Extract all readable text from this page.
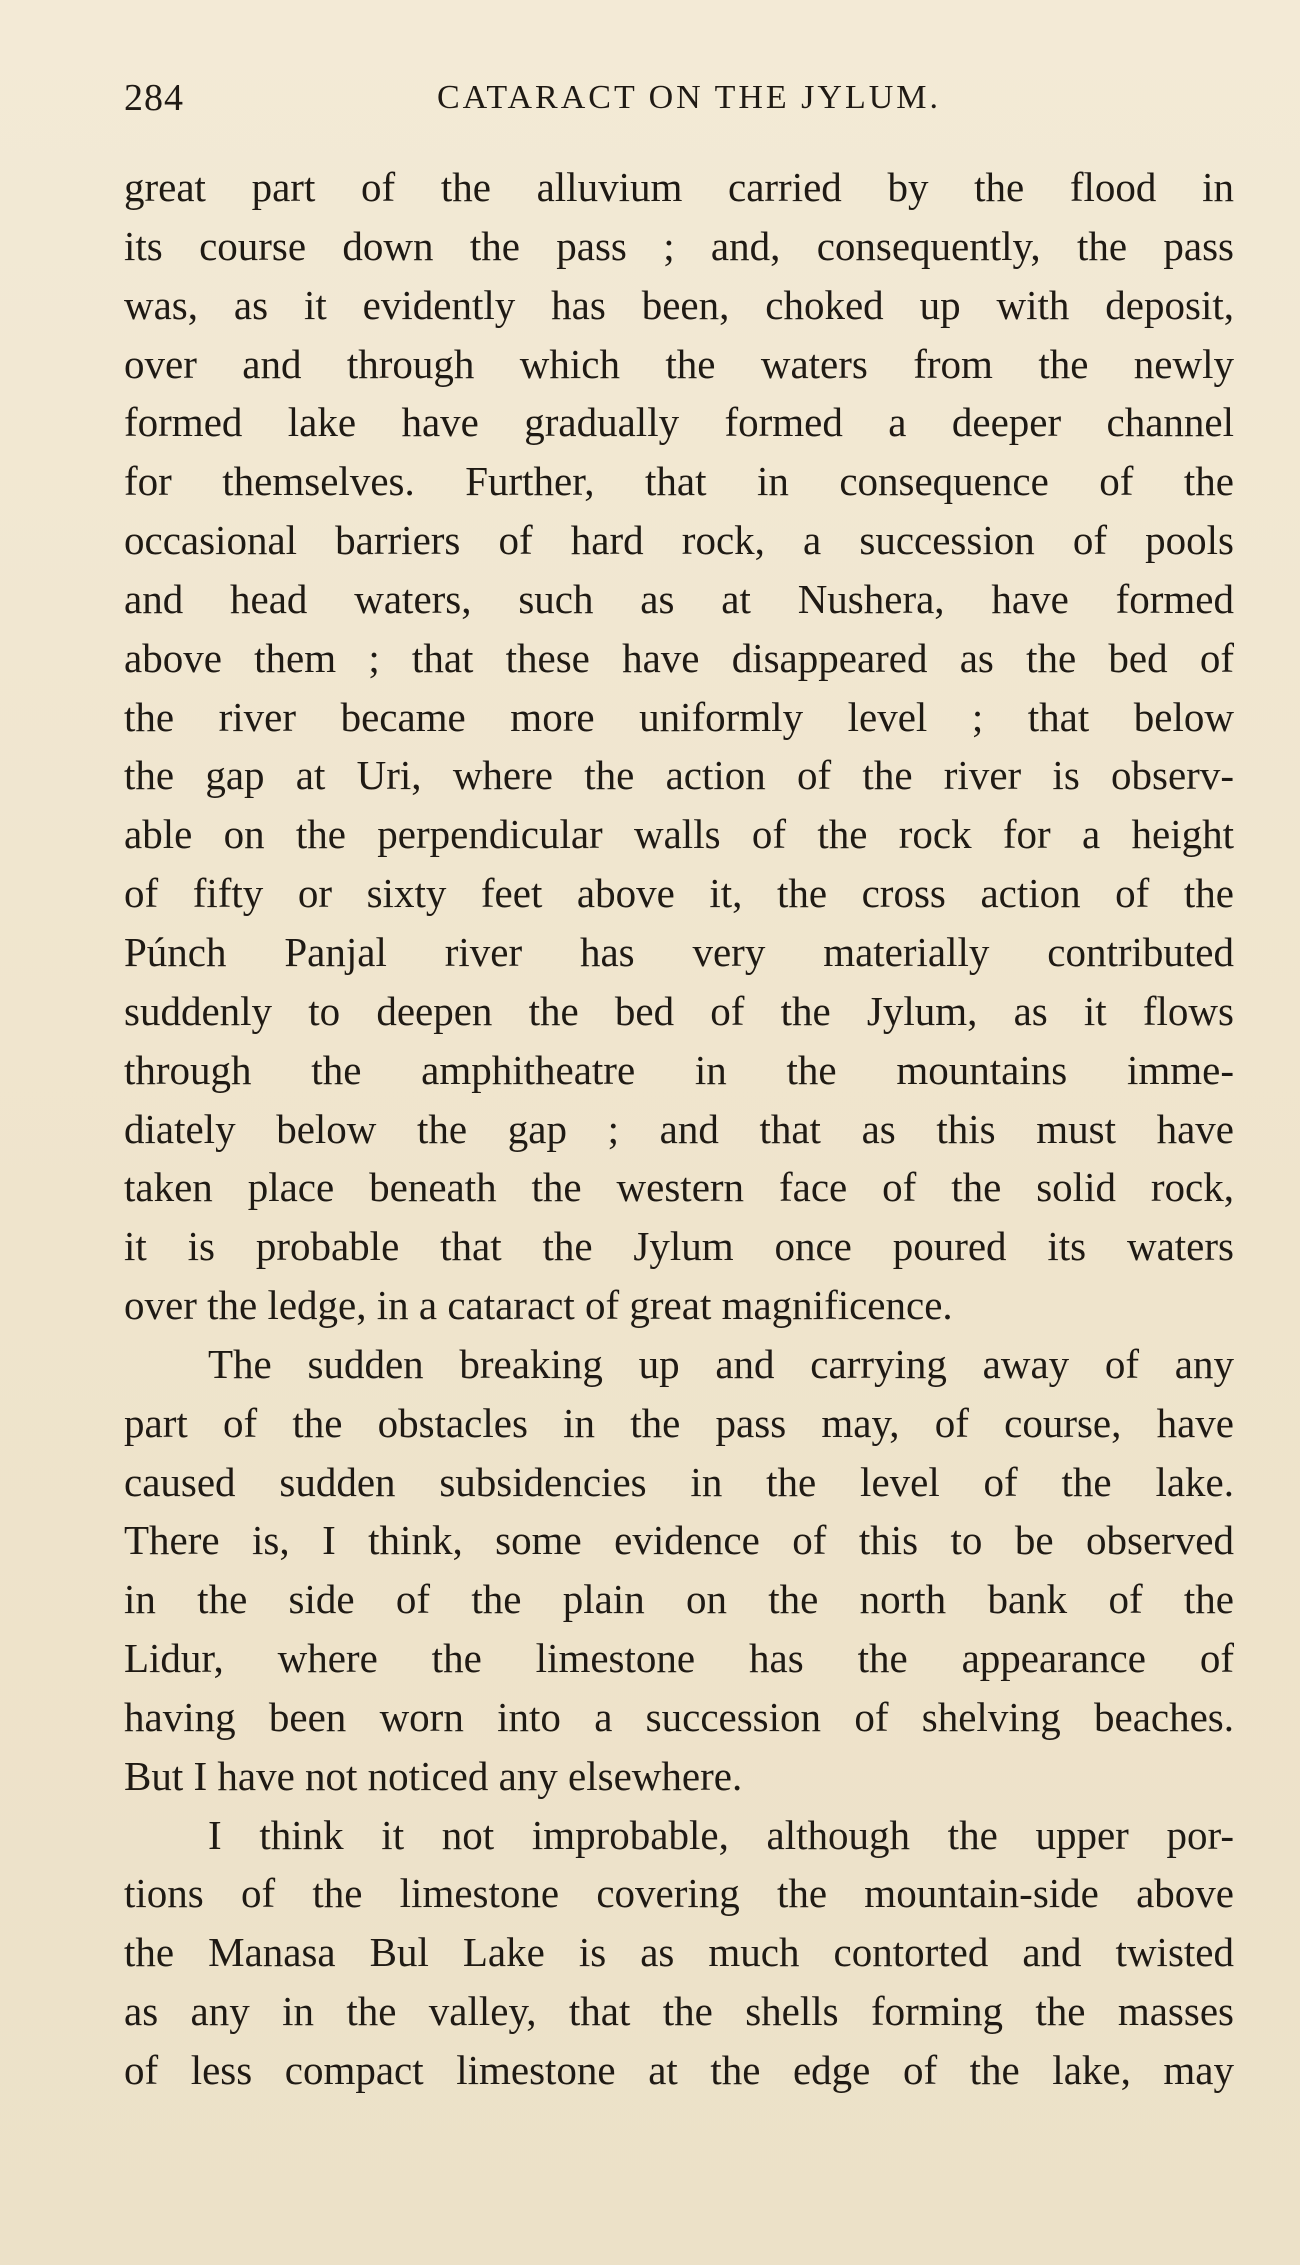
284	CATARACT ON THE JYLUM.
great part of the alluvium carried by the flood in
its course down the pass ; and, consequently, the pass
was, as it evidently has been, choked up with deposit,
over and through which the waters from the newly
formed lake have gradually formed a deeper channel
for themselves. Further, that in consequence of the
occasional barriers of hard rock, a succession of pools
and head waters, such as at Nushera, have formed
above them ; that these have disappeared as the bed of
the river became more uniformly level ; that below
the gap at Uri, where the action of the river is observ-
able on the perpendicular walls of the rock for a height
of fifty or sixty feet above it, the cross action of the
Púnch Panjal river has very materially contributed
suddenly to deepen the bed of the Jylum, as it flows
through the amphitheatre in the mountains imme-
diately below the gap ; and that as this must have
taken place beneath the western face of the solid rock,
it is probable that the Jylum once poured its waters
over the ledge, in a cataract of great magnificence.
The sudden breaking up and carrying away of any
part of the obstacles in the pass may, of course, have
caused sudden subsidencies in the level of the lake.
There is, I think, some evidence of this to be observed
in the side of the plain on the north bank of the
Lidur, where the limestone has the appearance of
having been worn into a succession of shelving beaches.
But I have not noticed any elsewhere.
I think it not improbable, although the upper por-
tions of the limestone covering the mountain-side above
the Manasa Bul Lake is as much contorted and twisted
as any in the valley, that the shells forming the masses
of less compact limestone at the edge of the lake, may
